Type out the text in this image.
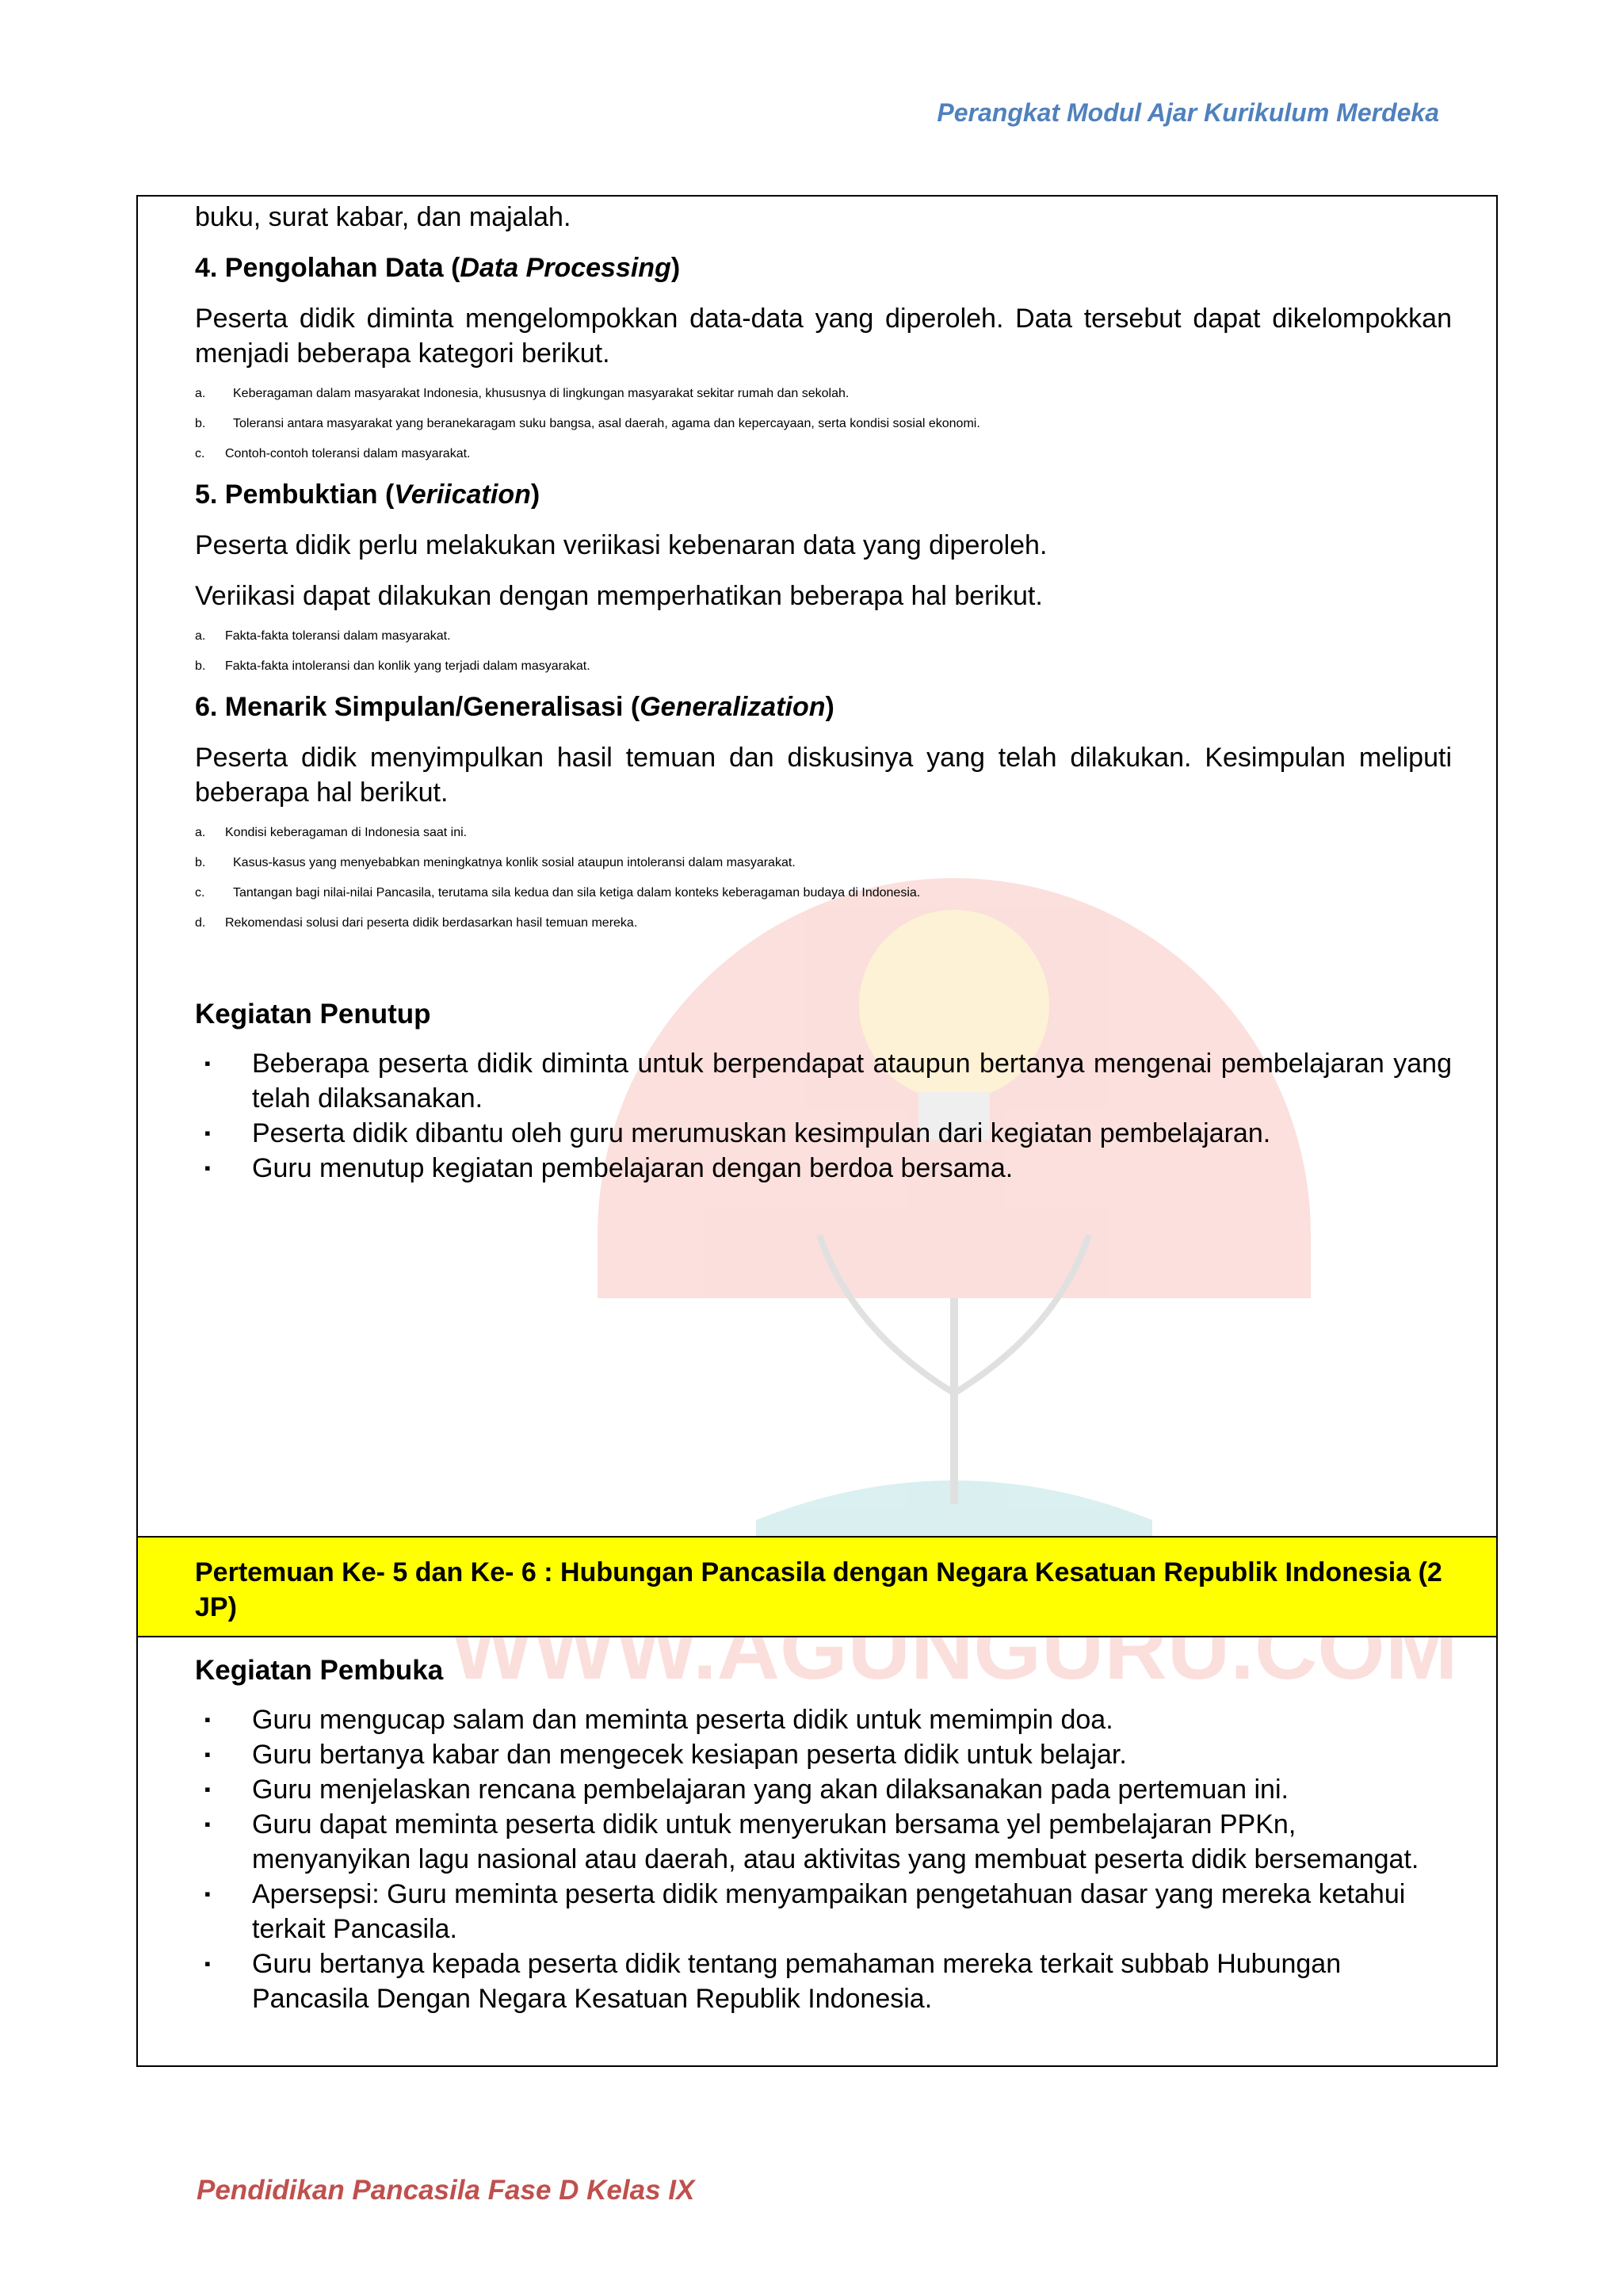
Perangkat Modul Ajar Kurikulum Merdeka
WWW.AGUNGURU.COM

buku, surat kabar, dan majalah.

4. Pengolahan Data (Data Processing)

Peserta didik diminta mengelompokkan data-data yang diperoleh. Data tersebut dapat dikelompokkan menjadi beberapa kategori berikut.

a.	Keberagaman dalam masyarakat Indonesia, khususnya di lingkungan masyarakat sekitar rumah dan sekolah.
b.	Toleransi antara masyarakat yang beranekaragam suku bangsa, asal daerah, agama dan kepercayaan, serta kondisi sosial ekonomi.
c.	Contoh-contoh toleransi dalam masyarakat.

5. Pembuktian (Veriication)

Peserta didik perlu melakukan veriikasi kebenaran data yang diperoleh.

Veriikasi dapat dilakukan dengan memperhatikan beberapa hal berikut.

a.	Fakta-fakta toleransi dalam masyarakat.
b.	Fakta-fakta intoleransi dan konlik yang terjadi dalam masyarakat.

6. Menarik Simpulan/Generalisasi (Generalization)

Peserta didik menyimpulkan hasil temuan dan diskusinya yang telah dilakukan. Kesimpulan meliputi beberapa hal berikut.

a.	Kondisi keberagaman di Indonesia saat ini.
b.	Kasus-kasus yang menyebabkan meningkatnya konlik sosial ataupun intoleransi dalam masyarakat.
c.	Tantangan bagi nilai-nilai Pancasila, terutama sila kedua dan sila ketiga dalam konteks keberagaman budaya di Indonesia.
d.	Rekomendasi solusi dari peserta didik berdasarkan hasil temuan mereka.

Kegiatan Penutup

▪	Beberapa peserta didik diminta untuk berpendapat ataupun bertanya mengenai pembelajaran yang telah dilaksanakan.
▪	Peserta didik dibantu oleh guru merumuskan kesimpulan dari kegiatan pembelajaran.
▪	Guru menutup kegiatan pembelajaran dengan berdoa bersama.
Pertemuan Ke- 5 dan Ke- 6 : Hubungan Pancasila dengan Negara Kesatuan Republik Indonesia (2 JP)

Kegiatan Pembuka

▪	Guru mengucap salam dan meminta peserta didik untuk memimpin doa.
▪	Guru bertanya kabar dan mengecek kesiapan peserta didik untuk belajar.
▪	Guru menjelaskan rencana pembelajaran yang akan dilaksanakan pada pertemuan ini.
▪	Guru dapat meminta peserta didik untuk menyerukan bersama yel pembelajaran PPKn, menyanyikan lagu nasional atau daerah, atau aktivitas yang membuat peserta didik bersemangat.
▪	Apersepsi: Guru meminta peserta didik menyampaikan pengetahuan dasar yang mereka ketahui terkait Pancasila.
▪	Guru bertanya kepada peserta didik tentang pemahaman mereka terkait subbab Hubungan Pancasila Dengan Negara Kesatuan Republik Indonesia.
Pendidikan Pancasila Fase D Kelas IX
